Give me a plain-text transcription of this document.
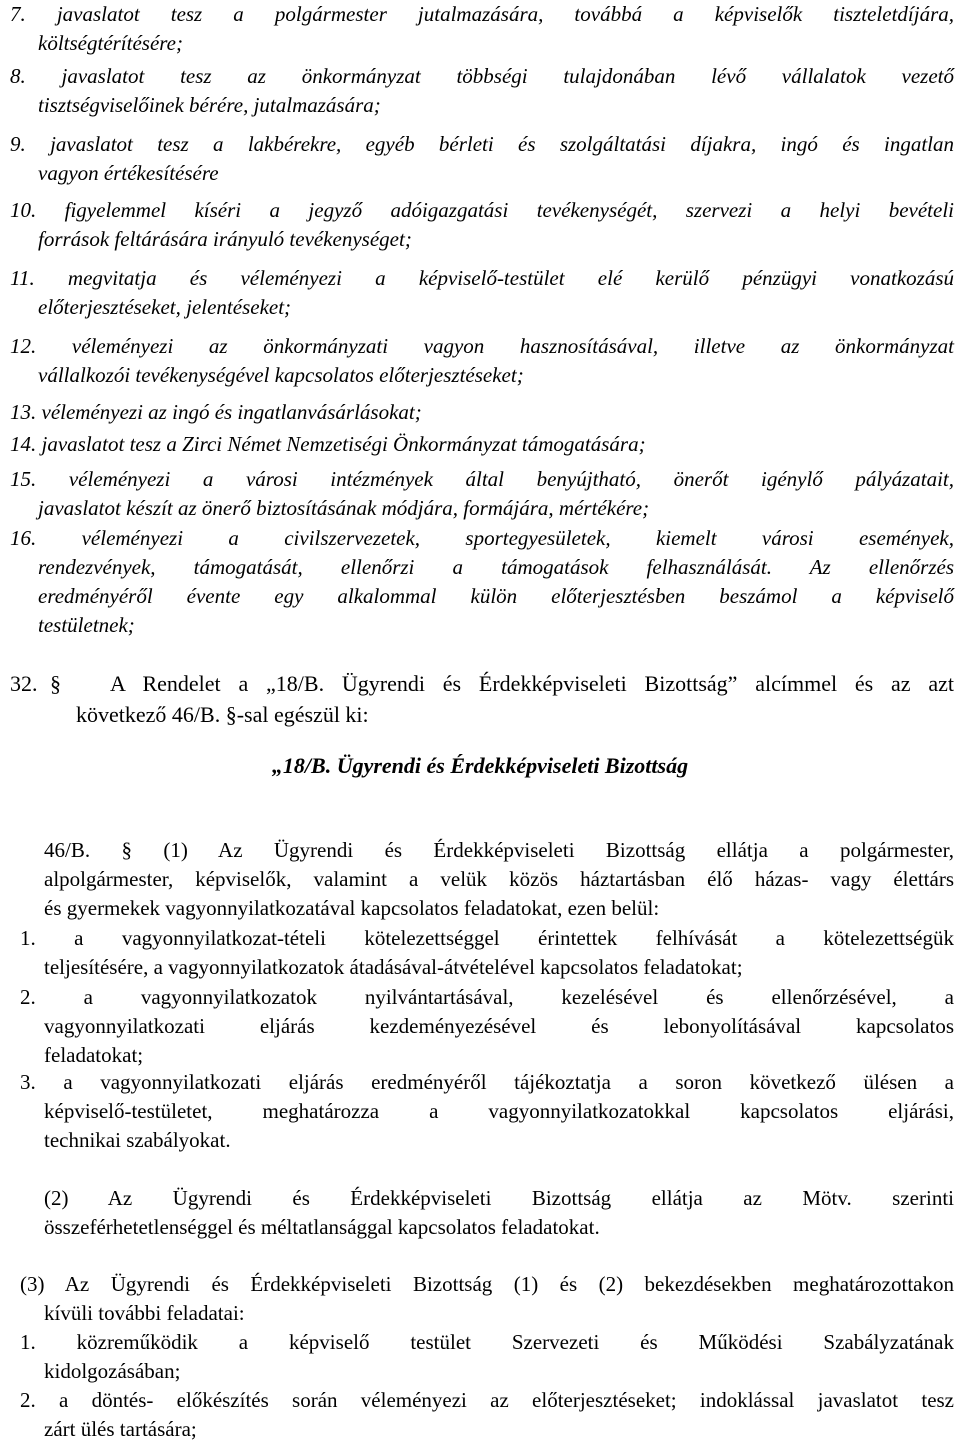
7. javaslatot tesz a polgármester jutalmazására, továbbá a képviselők tiszteletdíjára,
költségtérítésére;
8. javaslatot tesz az önkormányzat többségi tulajdonában lévő vállalatok vezető
tisztségviselőinek bérére, jutalmazására;
9. javaslatot tesz a lakbérekre, egyéb bérleti és szolgáltatási díjakra, ingó és ingatlan
vagyon értékesítésére
10. figyelemmel kíséri a jegyző adóigazgatási tevékenységét, szervezi a helyi bevételi
források feltárására irányuló tevékenységet;
11. megvitatja és véleményezi a képviselő-testület elé kerülő pénzügyi vonatkozású
előterjesztéseket, jelentéseket;
12. véleményezi az önkormányzati vagyon hasznosításával, illetve az önkormányzat
vállalkozói tevékenységével kapcsolatos előterjesztéseket;
13. véleményezi az ingó és ingatlanvásárlásokat;
14. javaslatot tesz a Zirci Német Nemzetiségi Önkormányzat támogatására;
15. véleményezi a városi intézmények által benyújtható, önerőt igénylő pályázatait,
javaslatot készít az önerő biztosításának módjára, formájára, mértékére;
16. véleményezi a civilszervezetek, sportegyesületek, kiemelt városi események,
rendezvények, támogatását, ellenőrzi a támogatások felhasználását. Az ellenőrzés
eredményéről évente egy alkalommal külön előterjesztésben beszámol a képviselő
testületnek;
32. § A Rendelet a „18/B. Ügyrendi és Érdekképviseleti Bizottság” alcímmel és az azt
következő 46/B. §-sal egészül ki:
„18/B. Ügyrendi és Érdekképviseleti Bizottság
46/B. § (1) Az Ügyrendi és Érdekképviseleti Bizottság ellátja a polgármester,
alpolgármester, képviselők, valamint a velük közös háztartásban élő házas- vagy élettárs
és gyermekek vagyonnyilatkozatával kapcsolatos feladatokat, ezen belül:
1. a vagyonnyilatkozat-tételi kötelezettséggel érintettek felhívását a kötelezettségük
teljesítésére, a vagyonnyilatkozatok átadásával-átvételével kapcsolatos feladatokat;
2. a vagyonnyilatkozatok nyilvántartásával, kezelésével és ellenőrzésével, a
vagyonnyilatkozati eljárás kezdeményezésével és lebonyolításával kapcsolatos
feladatokat;
3. a vagyonnyilatkozati eljárás eredményéről tájékoztatja a soron következő ülésen a
képviselő-testületet, meghatározza a vagyonnyilatkozatokkal kapcsolatos eljárási,
technikai szabályokat.
(2) Az Ügyrendi és Érdekképviseleti Bizottság ellátja az Mötv. szerinti
összeférhetetlenséggel és méltatlansággal kapcsolatos feladatokat.
(3) Az Ügyrendi és Érdekképviseleti Bizottság (1) és (2) bekezdésekben meghatározottakon
kívüli további feladatai:
1. közreműködik a képviselő testület Szervezeti és Működési Szabályzatának
kidolgozásában;
2. a döntés- előkészítés során véleményezi az előterjesztéseket; indoklással javaslatot tesz
zárt ülés tartására;
